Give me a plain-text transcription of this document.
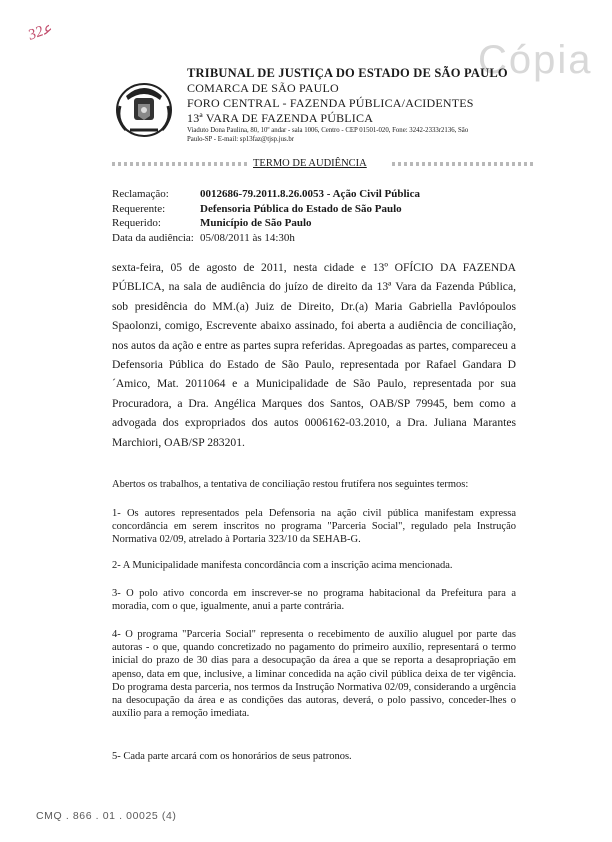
3ﻋ2
Cópia
TRIBUNAL DE JUSTIÇA DO ESTADO DE SÃO PAULO
COMARCA DE SÃO PAULO
FORO CENTRAL - FAZENDA PÚBLICA/ACIDENTES
13ª VARA DE FAZENDA PÚBLICA
Viaduto Dona Paulina, 80, 10º andar - sala 1006, Centro - CEP 01501-020, Fone: 3242-2333r2136, São
Paulo-SP - E-mail: sp13faz@tjsp.jus.br
TERMO DE AUDIÊNCIA
Reclamação:	0012686-79.2011.8.26.0053 - Ação Civil Pública
Requerente:	Defensoria Pública do Estado de São Paulo
Requerido:	Município de São Paulo
Data da audiência: 05/08/2011 às 14:30h
sexta-feira, 05 de agosto de 2011, nesta cidade e 13º OFÍCIO DA FAZENDA PÚBLICA, na sala de audiência do juízo de direito da 13ª Vara da Fazenda Pública, sob presidência do MM.(a) Juiz de Direito, Dr.(a) Maria Gabriella Pavlópoulos Spaolonzi, comigo, Escrevente abaixo assinado, foi aberta a audiência de conciliação, nos autos da ação e entre as partes supra referidas. Apregoadas as partes, compareceu a Defensoria Pública do Estado de São Paulo, representada por Rafael Gandara D´Amico, Mat. 2011064 e a Municipalidade de São Paulo, representada por sua Procuradora, a Dra. Angélica Marques dos Santos, OAB/SP 79945, bem como a advogada dos expropriados dos autos 0006162-03.2010, a Dra. Juliana Marantes Marchiori, OAB/SP 283201.
Abertos os trabalhos, a tentativa de conciliação restou frutífera nos seguintes termos:
1- Os autores representados pela Defensoria na ação civil pública manifestam expressa concordância em serem inscritos no programa "Parceria Social", regulado pela Instrução Normativa 02/09, atrelado à Portaria 323/10 da SEHAB-G.
2- A Municipalidade manifesta concordância com a inscrição acima mencionada.
3- O polo ativo concorda em inscrever-se no programa habitacional da Prefeitura para a moradia, com o que, igualmente, anui a parte contrária.
4- O programa "Parceria Social" representa o recebimento de auxílio aluguel por parte das autoras - o que, quando concretizado no pagamento do primeiro auxílio, representará o termo inicial do prazo de 30 dias para a desocupação da área a que se reporta a desapropriação em apenso, data em que, inclusive, a liminar concedida na ação civil pública deixa de ter vigência. Do programa desta parceria, nos termos da Instrução Normativa 02/09, considerando a urgência na desocupação da área e as condições das autoras, deverá, o polo passivo, conceder-lhes o auxílio para a remoção imediata.
5- Cada parte arcará com os honorários de seus patronos.
CMQ . 866 . 01 . 00025 (4)
